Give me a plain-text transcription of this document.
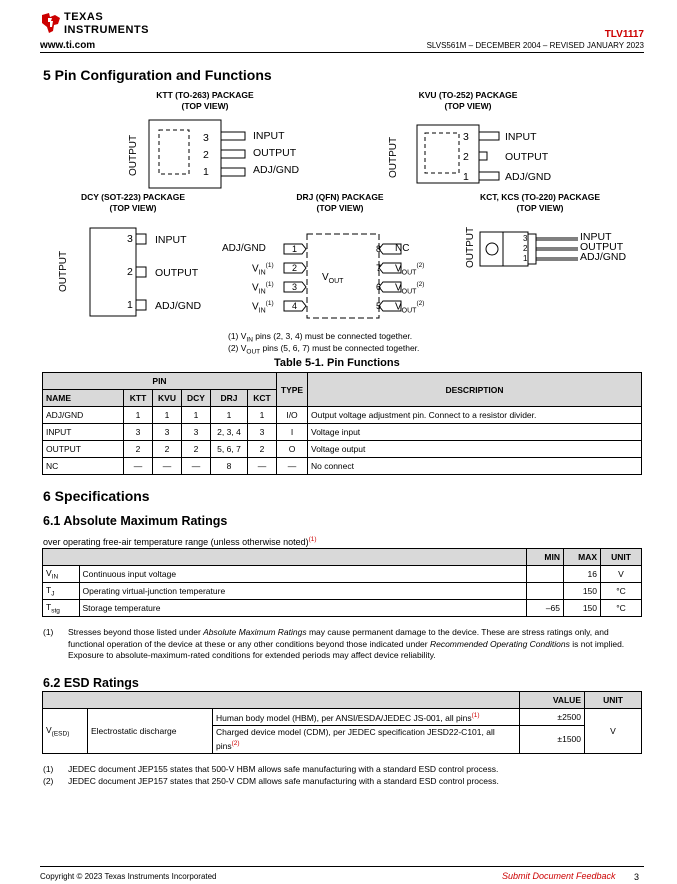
TEXAS
INSTRUMENTS
www.ti.com
TLV1117
SLVS561M – DECEMBER 2004 – REVISED JANUARY 2023
5 Pin Configuration and Functions
KTT (TO-263) PACKAGE
(TOP VIEW)
OUTPUT	3
2
1
INPUT
OUTPUT
ADJ/GND
KVU (TO-252) PACKAGE
(TOP VIEW)
OUTPUT	3
2
1
INPUT
OUTPUT
ADJ/GND
DCY (SOT-223) PACKAGE
(TOP VIEW)
OUTPUT
3
2
1
INPUT
OUTPUT
ADJ/GND
DRJ (QFN) PACKAGE
(TOP VIEW)
1
2
3
4
8
7
6
5
ADJ/GND
$V_{IN}^{(1)}$
$V_{IN}^{(1)}$
$V_{IN}^{(1)}$
NC
$V_{OUT}^{(2)}$
$V_{OUT}^{(2)}$
$V_{OUT}^{(2)}$
$V_{OUT}$
KCT, KCS (TO-220) PACKAGE
(TOP VIEW)
OUTPUT	3
2
1
INPUT
OUTPUT
ADJ/GND
(1) $V_{IN}$ pins (2, 3, 4) must be connected together.
(2) $V_{OUT}$ pins (5, 6, 7) must be connected together.
Table 5-1. Pin Functions
PIN						TYPE	DESCRIPTION
NAME	KTT	KVU	DCY	DRJ	KCT		
ADJ/GND	1	1	1	1	1	I/O	Output voltage adjustment pin. Connect to a resistor divider.
INPUT	3	3	3	2, 3, 4	3	I	Voltage input
OUTPUT	2	2	2	5, 6, 7	2	O	Voltage output
NC	—	—	—	8	—	—	No connect
6 Specifications
6.1 Absolute Maximum Ratings
over operating free-air temperature range (unless otherwise noted)$^{(1)}$
		MIN	MAX	UNIT
$V_{IN}$	Continuous input voltage		16	V
$T_J$	Operating virtual-junction temperature		150	°C
$T_{stg}$	Storage temperature	–65	150	°C
(1) Stresses beyond those listed under Absolute Maximum Ratings may cause permanent damage to the device. These are stress ratings only, and functional operation of the device at these or any other conditions beyond those indicated under Recommended Operating Conditions is not implied. Exposure to absolute-maximum-rated conditions for extended periods may affect device reliability.
6.2 ESD Ratings
			VALUE	UNIT
$V_{(ESD)}$	Electrostatic discharge	Human body model (HBM), per ANSI/ESDA/JEDEC JS-001, all pins$^{(1)}$	±2500	V
		Charged device model (CDM), per JEDEC specification JESD22-C101, all pins$^{(2)}$	±1500	
(1) JEDEC document JEP155 states that 500-V HBM allows safe manufacturing with a standard ESD control process.
(2) JEDEC document JEP157 states that 250-V CDM allows safe manufacturing with a standard ESD control process.
Copyright © 2023 Texas Instruments Incorporated	Submit Document Feedback 3
